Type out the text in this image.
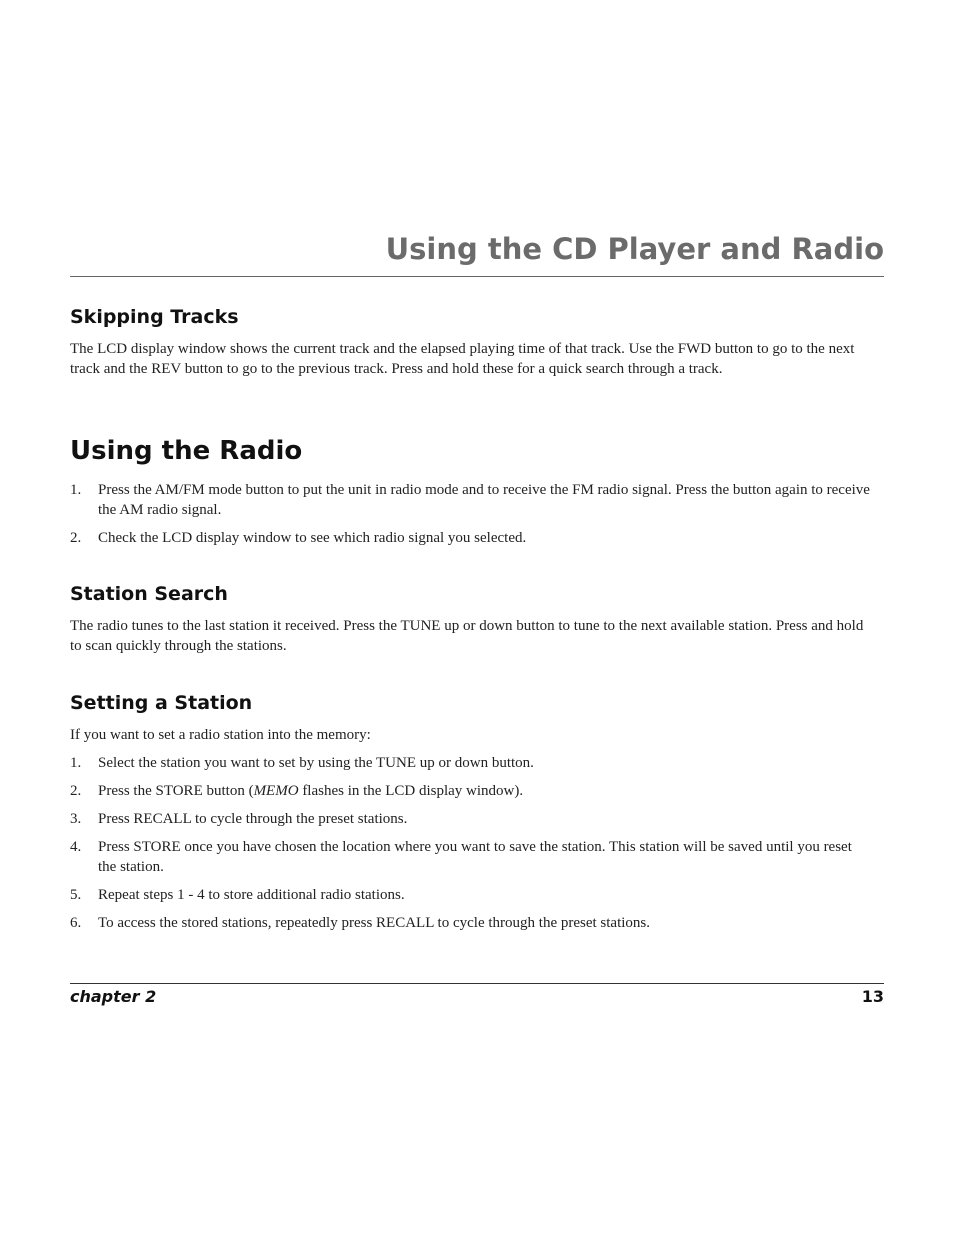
Using the CD Player and Radio
Skipping Tracks

The LCD display window shows the current track and the elapsed playing time of that track. Use the FWD button to go to the next track and the REV button to go to the previous track. Press and hold these for a quick search through a track.

Using the Radio
1. Press the AM/FM mode button to put the unit in radio mode and to receive the FM radio signal. Press the button again to receive the AM radio signal.
2. Check the LCD display window to see which radio signal you selected.
Station Search

The radio tunes to the last station it received. Press the TUNE up or down button to tune to the next available station. Press and hold to scan quickly through the stations.

Setting a Station

If you want to set a radio station into the memory:

1. Select the station you want to set by using the TUNE up or down button.
2. Press the STORE button (MEMO flashes in the LCD display window).
3. Press RECALL to cycle through the preset stations.
4. Press STORE once you have chosen the location where you want to save the station. This station will be saved until you reset the station.
5. Repeat steps 1 - 4 to store additional radio stations.
6. To access the stored stations, repeatedly press RECALL to cycle through the preset stations.
chapter 2	13
